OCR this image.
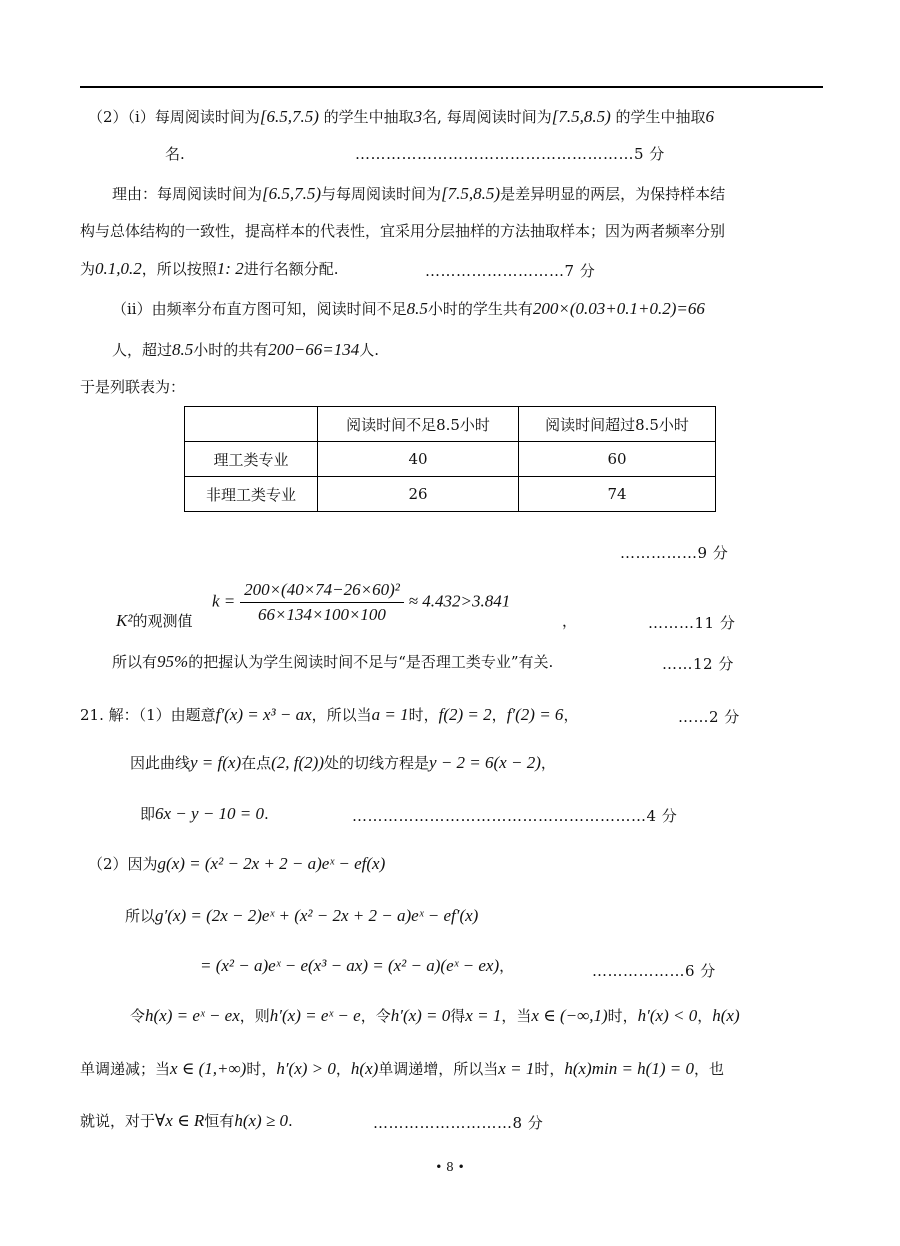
（2）（i）每周阅读时间为[6.5,7.5) 的学生中抽取3名, 每周阅读时间为[7.5,8.5) 的学生中抽取6
名.	………………………………………………5 分
理由：每周阅读时间为[6.5,7.5)与每周阅读时间为[7.5,8.5)是差异明显的两层，为保持样本结
构与总体结构的一致性，提高样本的代表性，宜采用分层抽样的方法抽取样本；因为两者频率分别
为0.1,0.2，所以按照1: 2进行名额分配.	………………………7 分
（ii）由频率分布直方图可知，阅读时间不足8.5小时的学生共有200×(0.03+0.1+0.2)=66
人，超过8.5小时的共有200−66=134人.
于是列联表为：
	阅读时间不足8.5小时	阅读时间超过8.5小时
理工类专业	40	60
非理工类专业	26	74
……………9 分
$k = \frac{\text{200×(40×74−26×60)²}}{66\times 134\times 100\times 100} \approx 4.432>3.841$
K²的观测值	，	………11 分
所以有95%的把握认为学生阅读时间不足与“是否理工类专业”有关.	……12 分
21. 解：（1）由题意f′(x) = x³ − ax，所以当a = 1时，f(2) = 2，f′(2) = 6，	……2 分
因此曲线y = f(x)在点(2, f(2))处的切线方程是y − 2 = 6(x − 2)，
即6x − y − 10 = 0.	…………………………………………………4 分
（2）因为g(x) = (x² − 2x + 2 − a)eˣ − ef(x)
所以g′(x) = (2x − 2)eˣ + (x² − 2x + 2 − a)eˣ − ef′(x)
= (x² − a)eˣ − e(x³ − ax) = (x² − a)(eˣ − ex)，	………………6 分
令h(x) = eˣ − ex，则h′(x) = eˣ − e，令h′(x) = 0得x = 1，当x ∈ (−∞,1)时，h′(x) < 0，h(x)
单调递减；当x ∈ (1,+∞)时，h′(x) > 0，h(x)单调递增，所以当x = 1时，h(x)min = h(1) = 0，也
就说，对于∀x ∈ R恒有h(x) ≥ 0.	………………………8 分
• 8 •
